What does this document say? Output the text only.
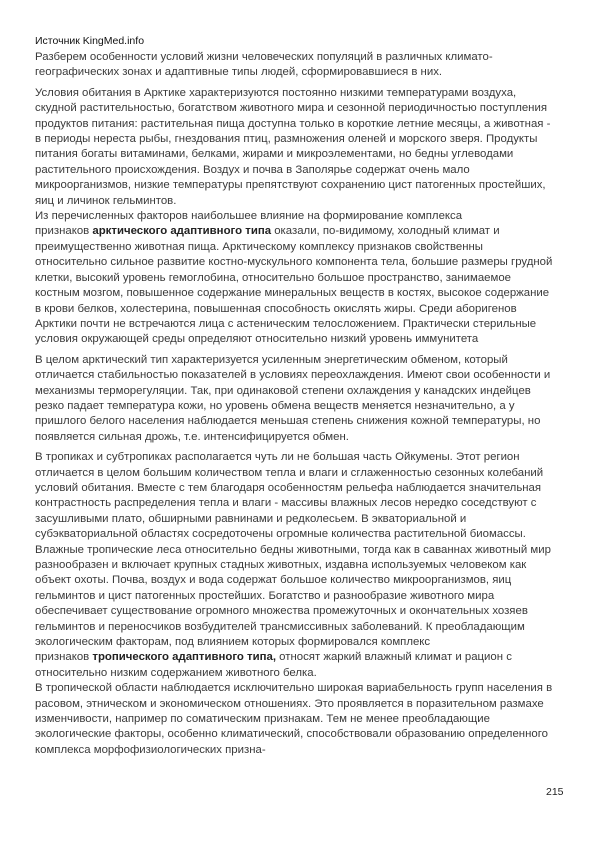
Источник KingMed.info
Разберем особенности условий жизни человеческих популяций в различных климато-
географических зонах и адаптивные типы людей, сформировавшиеся в них.
Условия обитания в Арктике характеризуются постоянно низкими температурами воздуха,
скудной растительностью, богатством животного мира и сезонной периодичностью поступления
продуктов питания: растительная пища доступна только в короткие летние месяцы, а животная -
в периоды нереста рыбы, гнездования птиц, размножения оленей и морского зверя. Продукты
питания богаты витаминами, белками, жирами и микроэлементами, но бедны углеводами
растительного происхождения. Воздух и почва в Заполярье содержат очень мало
микроорганизмов, низкие температуры препятствуют сохранению цист патогенных простейших,
яиц и личинок гельминтов.
Из перечисленных факторов наибольшее влияние на формирование комплекса
признаков арктического адаптивного типа оказали, по-видимому, холодный климат и
преимущественно животная пища. Арктическому комплексу признаков свойственны
относительно сильное развитие костно-мускульного компонента тела, большие размеры грудной
клетки, высокий уровень гемоглобина, относительно большое пространство, занимаемое
костным мозгом, повышенное содержание минеральных веществ в костях, высокое содержание
в крови белков, холестерина, повышенная способность окислять жиры. Среди аборигенов
Арктики почти не встречаются лица с астеническим телосложением. Практически стерильные
условия окружающей среды определяют относительно низкий уровень иммунитета
В целом арктический тип характеризуется усиленным энергетическим обменом, который
отличается стабильностью показателей в условиях переохлаждения. Имеют свои особенности и
механизмы терморегуляции. Так, при одинаковой степени охлаждения у канадских индейцев
резко падает температура кожи, но уровень обмена веществ меняется незначительно, а у
пришлого белого населения наблюдается меньшая степень снижения кожной температуры, но
появляется сильная дрожь, т.е. интенсифицируется обмен.
В тропиках и субтропиках располагается чуть ли не большая часть Ойкумены. Этот регион
отличается в целом большим количеством тепла и влаги и сглаженностью сезонных колебаний
условий обитания. Вместе с тем благодаря особенностям рельефа наблюдается значительная
контрастность распределения тепла и влаги - массивы влажных лесов нередко соседствуют с
засушливыми плато, обширными равнинами и редколесьем. В экваториальной и
субэкваториальной областях сосредоточены огромные количества растительной биомассы.
Влажные тропические леса относительно бедны животными, тогда как в саваннах животный мир
разнообразен и включает крупных стадных животных, издавна используемых человеком как
объект охоты. Почва, воздух и вода содержат большое количество микроорганизмов, яиц
гельминтов и цист патогенных простейших. Богатство и разнообразие животного мира
обеспечивает существование огромного множества промежуточных и окончательных хозяев
гельминтов и переносчиков возбудителей трансмиссивных заболеваний. К преобладающим
экологическим факторам, под влиянием которых формировался комплекс
признаков тропического адаптивного типа, относят жаркий влажный климат и рацион с
относительно низким содержанием животного белка.
В тропической области наблюдается исключительно широкая вариабельность групп населения в
расовом, этническом и экономическом отношениях. Это проявляется в поразительном размахе
изменчивости, например по соматическим признакам. Тем не менее преобладающие
экологические факторы, особенно климатический, способствовали образованию определенного
комплекса морфофизиологических призна-
215
